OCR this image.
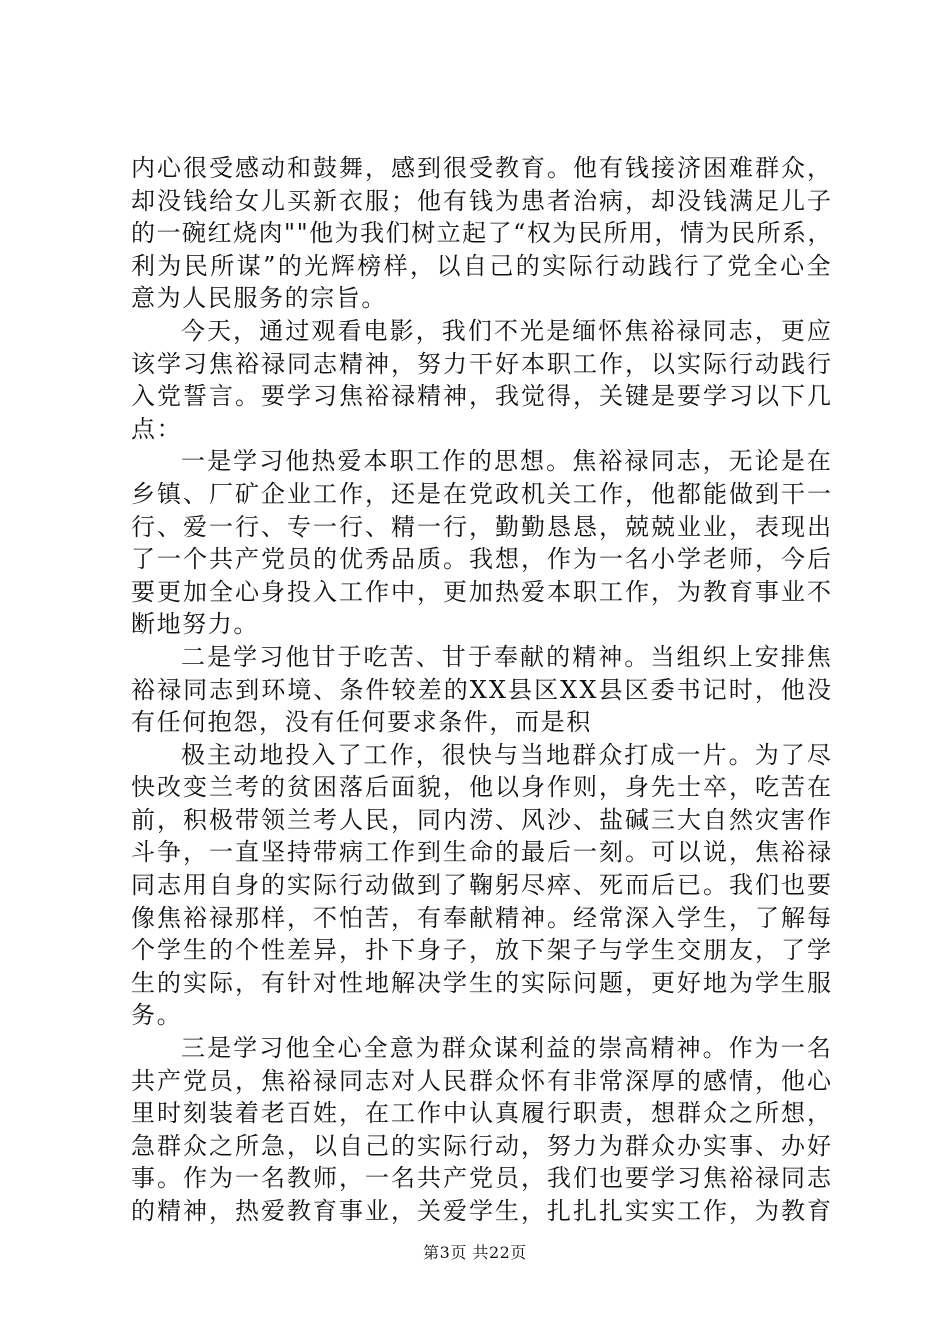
内心很受感动和鼓舞，感到很受教育。他有钱接济困难群众，
却没钱给女儿买新衣服；他有钱为患者治病，却没钱满足儿子
的一碗红烧肉""他为我们树立起了“权为民所用，情为民所系，
利为民所谋”的光辉榜样，以自己的实际行动践行了党全心全
意为人民服务的宗旨。
今天，通过观看电影，我们不光是缅怀焦裕禄同志，更应
该学习焦裕禄同志精神，努力干好本职工作，以实际行动践行
入党誓言。要学习焦裕禄精神，我觉得，关键是要学习以下几
点：
一是学习他热爱本职工作的思想。焦裕禄同志，无论是在
乡镇、厂矿企业工作，还是在党政机关工作，他都能做到干一
行、爱一行、专一行、精一行，勤勤恳恳，兢兢业业，表现出
了一个共产党员的优秀品质。我想，作为一名小学老师，今后
要更加全心身投入工作中，更加热爱本职工作，为教育事业不
断地努力。
二是学习他甘于吃苦、甘于奉献的精神。当组织上安排焦
裕禄同志到环境、条件较差的XX县区XX县区委书记时，他没
有任何抱怨，没有任何要求条件，而是积
极主动地投入了工作，很快与当地群众打成一片。为了尽
快改变兰考的贫困落后面貌，他以身作则，身先士卒，吃苦在
前，积极带领兰考人民，同内涝、风沙、盐碱三大自然灾害作
斗争，一直坚持带病工作到生命的最后一刻。可以说，焦裕禄
同志用自身的实际行动做到了鞠躬尽瘁、死而后已。我们也要
像焦裕禄那样，不怕苦，有奉献精神。经常深入学生，了解每
个学生的个性差异，扑下身子，放下架子与学生交朋友，了学
生的实际，有针对性地解决学生的实际问题，更好地为学生服
务。
三是学习他全心全意为群众谋利益的崇高精神。作为一名
共产党员，焦裕禄同志对人民群众怀有非常深厚的感情，他心
里时刻装着老百姓，在工作中认真履行职责，想群众之所想，
急群众之所急，以自己的实际行动，努力为群众办实事、办好
事。作为一名教师，一名共产党员，我们也要学习焦裕禄同志
的精神，热爱教育事业，关爱学生，扎扎扎实实工作，为教育
第3页 共22页
